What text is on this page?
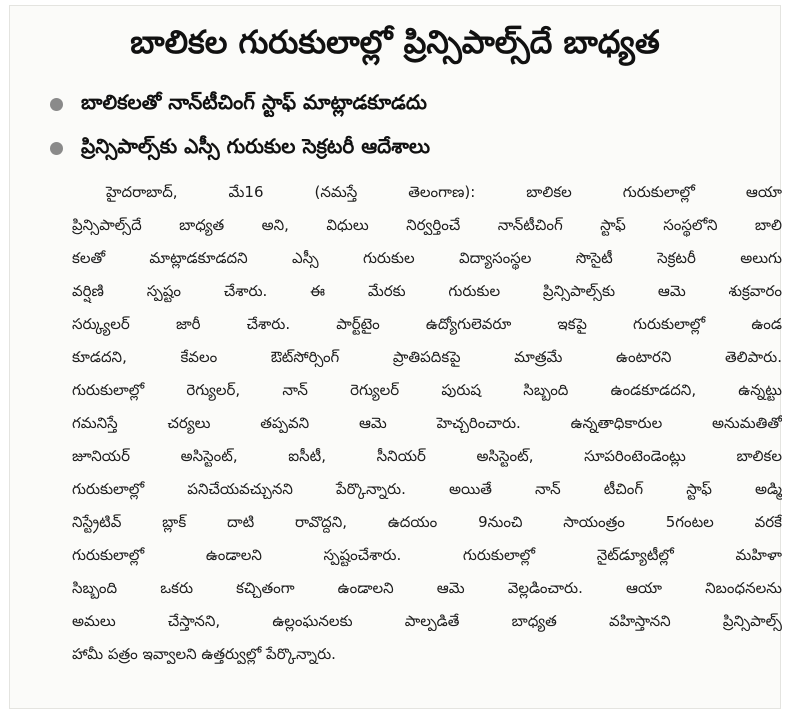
బాలికల గురుకులాల్లో ప్రిన్సిపాల్స్‌దే బాధ్యత
బాలికలతో నాన్‌టీచింగ్ స్టాఫ్ మాట్లాడకూడదు
ప్రిన్సిపాల్స్‌కు ఎస్సీ గురుకుల సెక్రటరీ ఆదేశాలు
హైదరాబాద్, మే16 (నమస్తే తెలంగాణ): బాలికల గురుకులాల్లో ఆయా
ప్రిన్సిపాల్స్‌దే బాధ్యత అని, విధులు నిర్వర్తించే నాన్‌టీచింగ్ స్టాఫ్ సంస్థలోని బాలి
కలతో మాట్లాడకూడదని ఎస్సీ గురుకుల విద్యాసంస్థల సొసైటీ సెక్రటరీ అలుగు
వర్షిణి స్పష్టం చేశారు. ఈ మేరకు గురుకుల ప్రిన్సిపాల్స్‌కు ఆమె శుక్రవారం
సర్క్యులర్ జారీ చేశారు. పార్ట్‌టైం ఉద్యోగులెవరూ ఇకపై గురుకులాల్లో ఉండ
కూడదని, కేవలం ఔట్‌సోర్సింగ్ ప్రాతిపదికపై మాత్రమే ఉంటారని తెలిపారు.
గురుకులాల్లో రెగ్యులర్, నాన్ రెగ్యులర్ పురుష సిబ్బంది ఉండకూడదని, ఉన్నట్టు
గమనిస్తే చర్యలు తప్పవని ఆమె హెచ్చరించారు. ఉన్నతాధికారుల అనుమతితో
జూనియర్ అసిస్టెంట్, ఐసీటీ, సీనియర్ అసిస్టెంట్, సూపరింటెండెంట్లు బాలికల
గురుకులాల్లో పనిచేయవచ్చునని పేర్కొన్నారు. అయితే నాన్ టీచింగ్ స్టాఫ్ అడ్మి
నిస్ట్రేటివ్ బ్లాక్ దాటి రావొద్దని, ఉదయం 9నుంచి సాయంత్రం 5గంటల వరకే
గురుకులాల్లో ఉండాలని స్పష్టంచేశారు. గురుకులాల్లో నైట్‌డ్యూటీల్లో మహిళా
సిబ్బంది ఒకరు కచ్చితంగా ఉండాలని ఆమె వెల్లడించారు. ఆయా నిబంధనలను
అమలు చేస్తానని, ఉల్లంఘనలకు పాల్పడితే బాధ్యత వహిస్తానని ప్రిన్సిపాల్స్
హామీ పత్రం ఇవ్వాలని ఉత్తర్వుల్లో పేర్కొన్నారు.
